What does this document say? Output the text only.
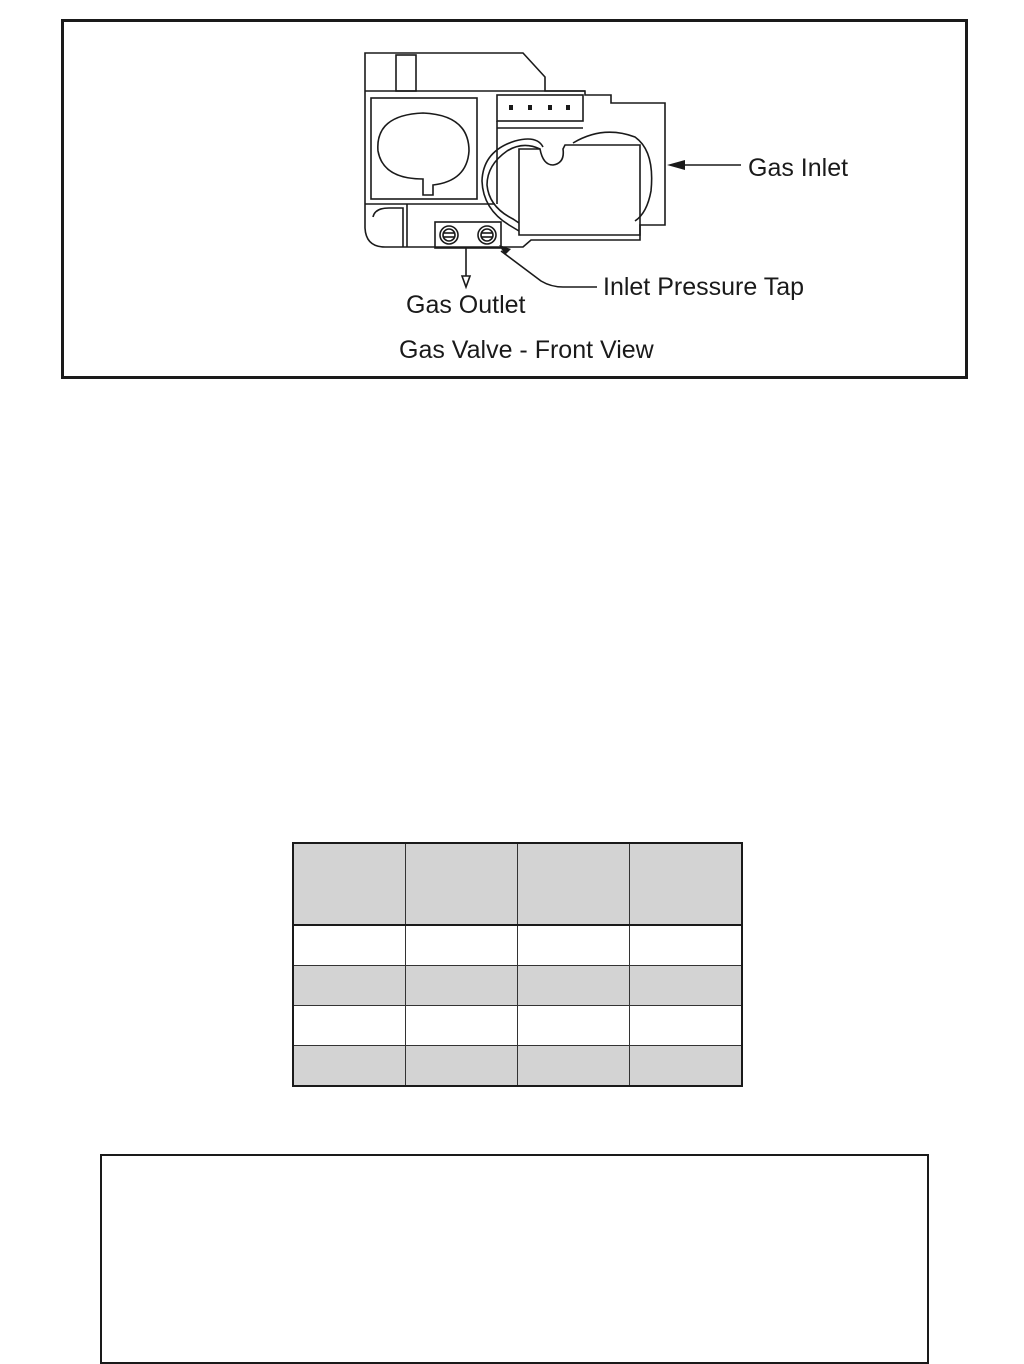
Gas Inlet
Inlet Pressure Tap
Gas Outlet
Gas Valve - Front View
